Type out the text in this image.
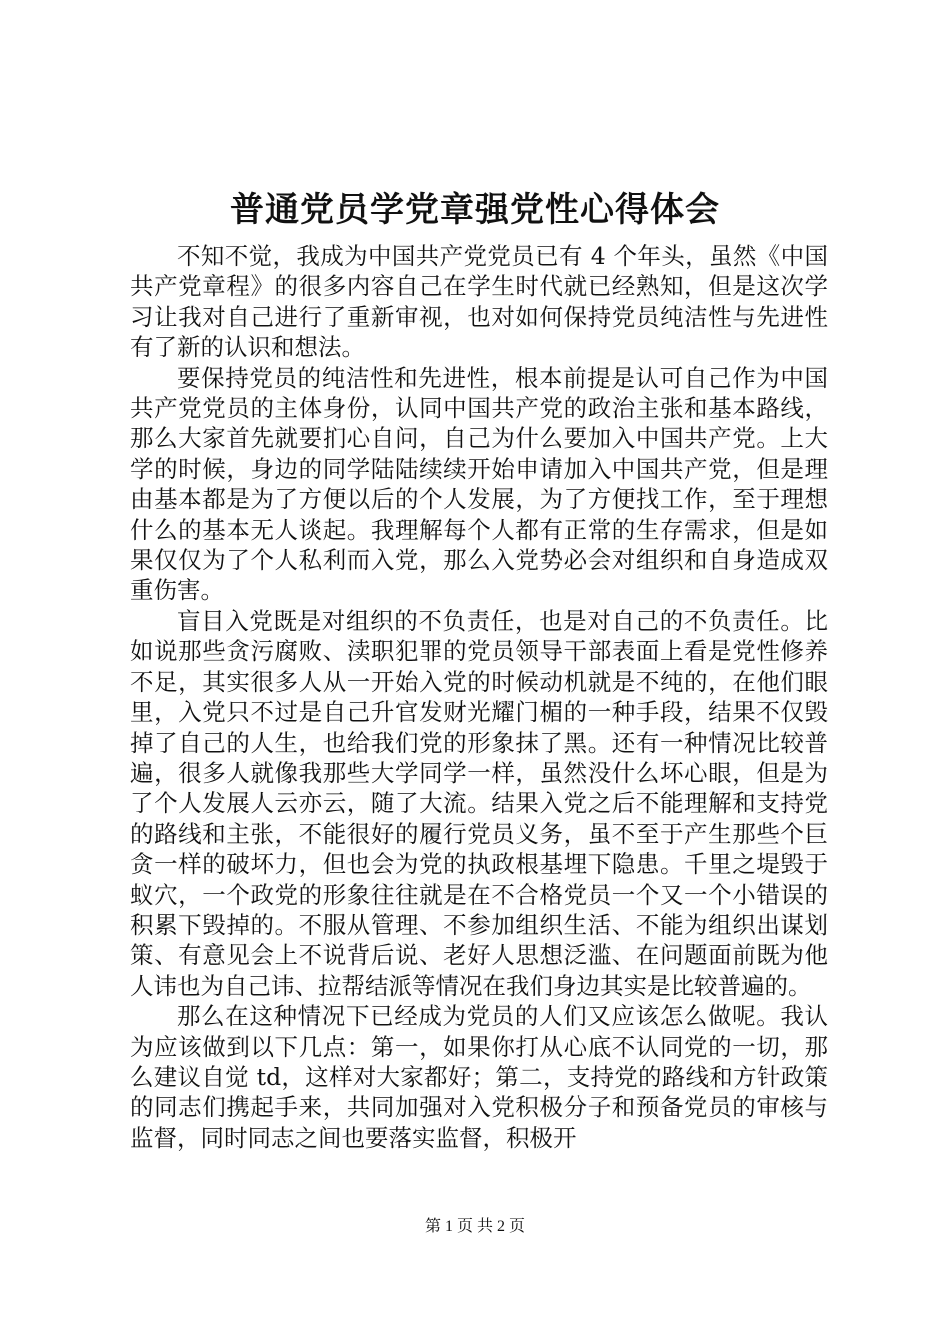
普通党员学党章强党性心得体会

不知不觉，我成为中国共产党党员已有 4 个年头，虽然《中国共产党章程》的很多内容自己在学生时代就已经熟知，但是这次学习让我对自己进行了重新审视，也对如何保持党员纯洁性与先进性有了新的认识和想法。

要保持党员的纯洁性和先进性，根本前提是认可自己作为中国共产党党员的主体身份，认同中国共产党的政治主张和基本路线，那么大家首先就要扪心自问，自己为什么要加入中国共产党。上大学的时候，身边的同学陆陆续续开始申请加入中国共产党，但是理由基本都是为了方便以后的个人发展，为了方便找工作，至于理想什么的基本无人谈起。我理解每个人都有正常的生存需求，但是如果仅仅为了个人私利而入党，那么入党势必会对组织和自身造成双重伤害。

盲目入党既是对组织的不负责任，也是对自己的不负责任。比如说那些贪污腐败、渎职犯罪的党员领导干部表面上看是党性修养不足，其实很多人从一开始入党的时候动机就是不纯的，在他们眼里，入党只不过是自己升官发财光耀门楣的一种手段，结果不仅毁掉了自己的人生，也给我们党的形象抹了黑。还有一种情况比较普遍，很多人就像我那些大学同学一样，虽然没什么坏心眼，但是为了个人发展人云亦云，随了大流。结果入党之后不能理解和支持党的路线和主张，不能很好的履行党员义务，虽不至于产生那些个巨贪一样的破坏力，但也会为党的执政根基埋下隐患。千里之堤毁于蚁穴，一个政党的形象往往就是在不合格党员一个又一个小错误的积累下毁掉的。不服从管理、不参加组织生活、不能为组织出谋划策、有意见会上不说背后说、老好人思想泛滥、在问题面前既为他人讳也为自己讳、拉帮结派等情况在我们身边其实是比较普遍的。

那么在这种情况下已经成为党员的人们又应该怎么做呢。我认为应该做到以下几点：第一，如果你打从心底不认同党的一切，那么建议自觉 td，这样对大家都好；第二，支持党的路线和方针政策的同志们携起手来，共同加强对入党积极分子和预备党员的审核与监督，同时同志之间也要落实监督，积极开

第 1 页 共 2 页
